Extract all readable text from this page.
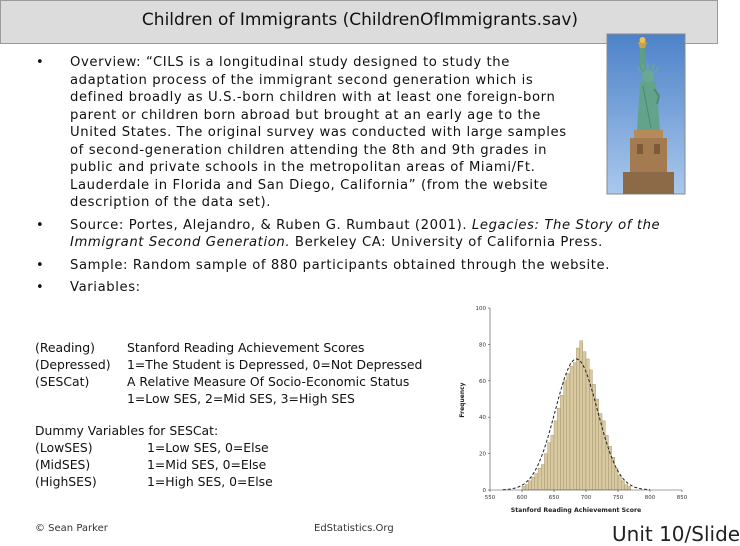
Children of Immigrants (ChildrenOfImmigrants.sav)
• Overview: “CILS is a longitudinal study designed to study the adaptation process of the immigrant second generation which is defined broadly as U.S.-born children with at least one foreign-born parent or children born abroad but brought at an early age to the United States. The original survey was conducted with large samples of second-generation children attending the 8th and 9th grades in public and private schools in the metropolitan areas of Miami/Ft. Lauderdale in Florida and San Diego, California” (from the website description of the data set).
• Source: Portes, Alejandro, & Ruben G. Rumbaut (2001). Legacies: The Story of the Immigrant Second Generation. Berkeley CA: University of California Press.
• Sample: Random sample of 880 participants obtained through the website.
• Variables:
(Reading)	Stanford Reading Achievement Scores
(Depressed)	1=The Student is Depressed, 0=Not Depressed
(SESCat)	A Relative Measure Of Socio-Economic Status
1=Low SES, 2=Mid SES, 3=High SES
Dummy Variables for SESCat:
(LowSES)	1=Low SES, 0=Else
(MidSES)	1=Mid SES, 0=Else
(HighSES)	1=High SES, 0=Else
550	600	650	700	750	800	850
0
20
40
60
80
100
Stanford Reading Achievement Score
Frequency
© Sean Parker	EdStatistics.Org	Unit 10/Slide
